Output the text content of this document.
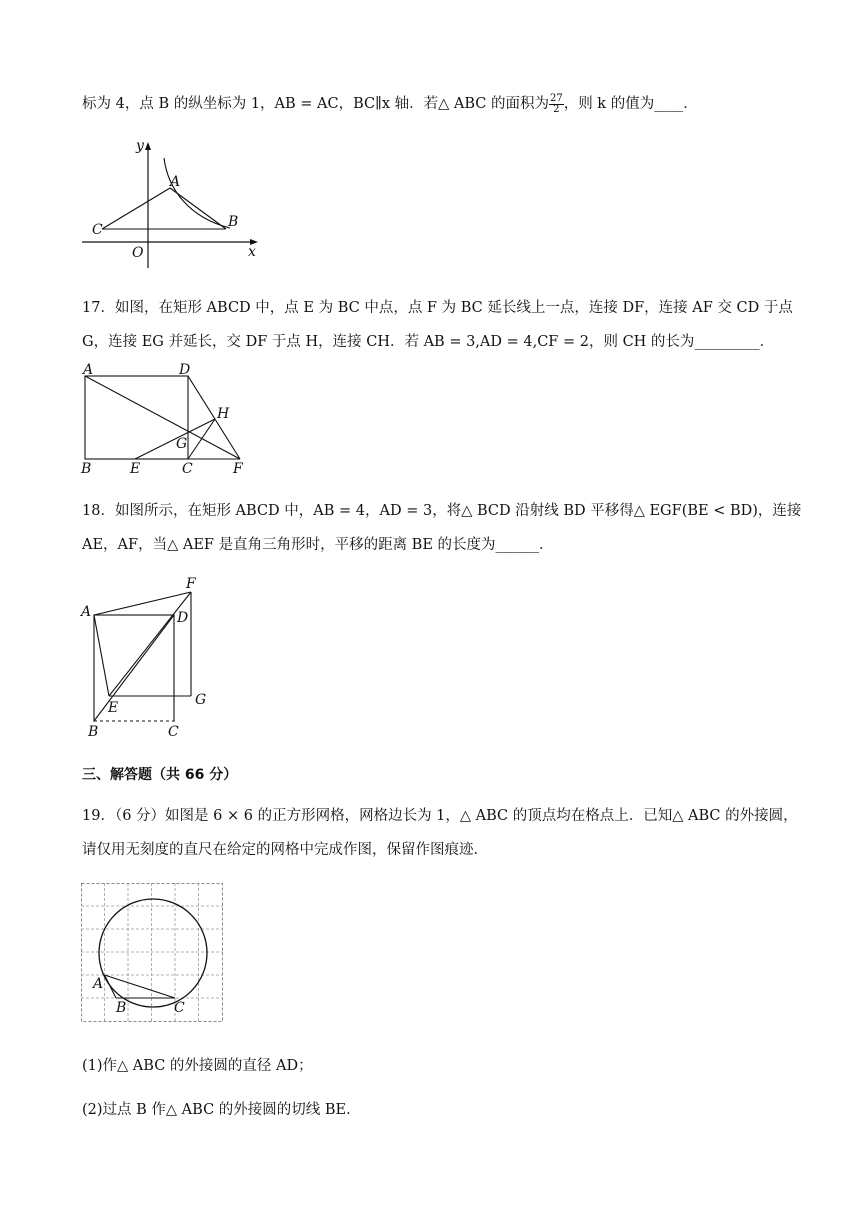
标为 4，点 B 的纵坐标为 1，AB = AC，BC∥x 轴．若△ ABC 的面积为 $\frac{27}{2}$ ，则 k 的值为____．
y
x
O
A
B
C
17．如图，在矩形 ABCD 中，点 E 为 BC 中点，点 F 为 BC 延长线上一点，连接 DF，连接 AF 交 CD 于点
G，连接 EG 并延长，交 DF 于点 H，连接 CH．若 AB = 3,AD = 4,CF = 2，则 CH 的长为_________．
A	D
H
G
B	E	C	F
18．如图所示，在矩形 ABCD 中，AB = 4，AD = 3，将△ BCD 沿射线 BD 平移得△ EGF(BE < BD)，连接
AE，AF，当△ AEF 是直角三角形时，平移的距离 BE 的长度为______．
F
A	D
G
E
B	C
三、解答题（共 66 分）
19．（6 分）如图是 6 × 6 的正方形网格，网格边长为 1，△ ABC 的顶点均在格点上．已知△ ABC 的外接圆，
请仅用无刻度的直尺在给定的网格中完成作图，保留作图痕迹．
A
B	C
(1)作△ ABC 的外接圆的直径 AD；
(2)过点 B 作△ ABC 的外接圆的切线 BE．
